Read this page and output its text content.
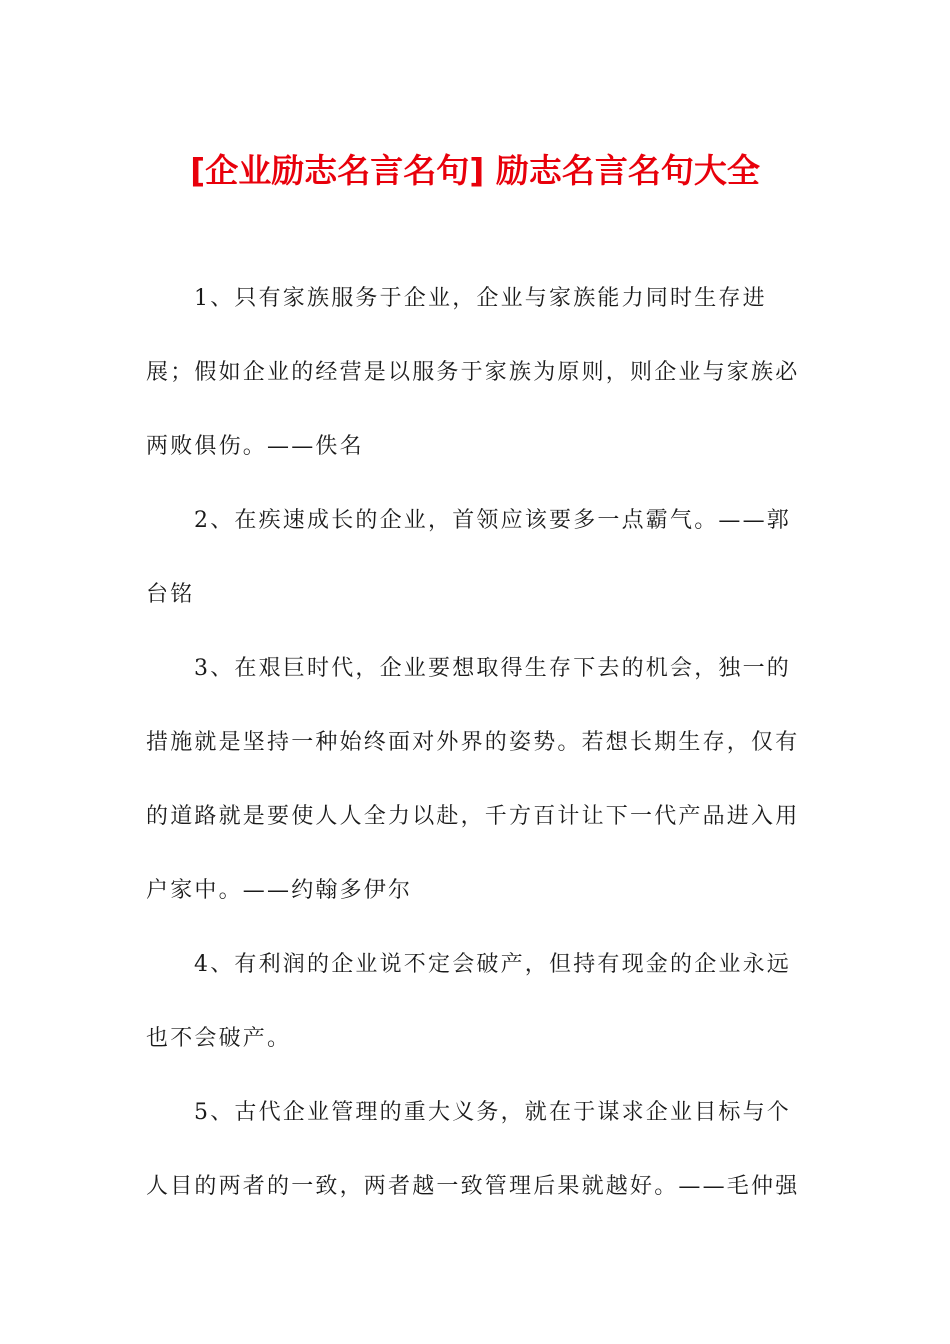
[企业励志名言名句] 励志名言名句大全

1、只有家族服务于企业，企业与家族能力同时生存进展；假如企业的经营是以服务于家族为原则，则企业与家族必两败俱伤。——佚名

2、在疾速成长的企业，首领应该要多一点霸气。——郭台铭

3、在艰巨时代，企业要想取得生存下去的机会，独一的措施就是坚持一种始终面对外界的姿势。若想长期生存，仅有的道路就是要使人人全力以赴，千方百计让下一代产品进入用户家中。——约翰多伊尔

4、有利润的企业说不定会破产，但持有现金的企业永远也不会破产。

5、古代企业管理的重大义务，就在于谋求企业目标与个人目的两者的一致，两者越一致管理后果就越好。——毛仲强
